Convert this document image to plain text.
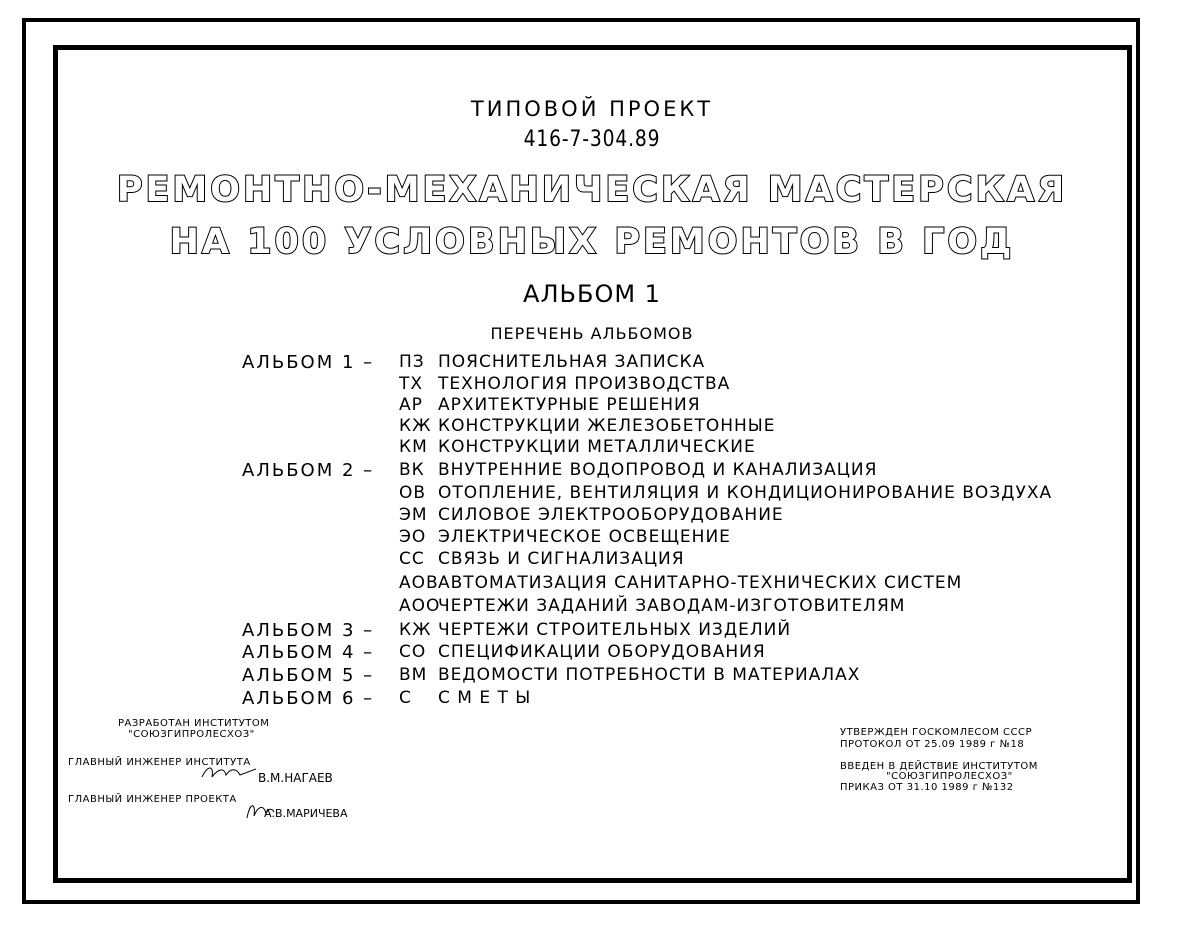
ТИПОВОЙ ПРОЕКТ
416-7-304.89
РЕМОНТНО-МЕХАНИЧЕСКАЯ МАСТЕРСКАЯ
НА 100 УСЛОВНЫХ РЕМОНТОВ В ГОД
АЛЬБОМ 1
ПЕРЕЧЕНЬ АЛЬБОМОВ
АЛЬБОМ 1 – ПЗ ПОЯСНИТЕЛЬНАЯ ЗАПИСКА
ТХ ТЕХНОЛОГИЯ ПРОИЗВОДСТВА
АР АРХИТЕКТУРНЫЕ РЕШЕНИЯ
КЖ КОНСТРУКЦИИ ЖЕЛЕЗОБЕТОННЫЕ
КМ КОНСТРУКЦИИ МЕТАЛЛИЧЕСКИЕ
АЛЬБОМ 2 – ВК ВНУТРЕННИЕ ВОДОПРОВОД И КАНАЛИЗАЦИЯ
ОВ ОТОПЛЕНИЕ, ВЕНТИЛЯЦИЯ И КОНДИЦИОНИРОВАНИЕ ВОЗДУХА
ЭМ СИЛОВОЕ ЭЛЕКТРООБОРУДОВАНИЕ
ЭО ЭЛЕКТРИЧЕСКОЕ ОСВЕЩЕНИЕ
СС СВЯЗЬ И СИГНАЛИЗАЦИЯ
АОВ АВТОМАТИЗАЦИЯ САНИТАРНО-ТЕХНИЧЕСКИХ СИСТЕМ
АОО
ЧЕРТЕЖИ ЗАДАНИЙ ЗАВОДАМ-ИЗГОТОВИТЕЛЯМ
АЛЬБОМ 3 – КЖ ЧЕРТЕЖИ СТРОИТЕЛЬНЫХ ИЗДЕЛИЙ
АЛЬБОМ 4 – СО СПЕЦИФИКАЦИИ ОБОРУДОВАНИЯ
АЛЬБОМ 5 – ВМ ВЕДОМОСТИ ПОТРЕБНОСТИ В МАТЕРИАЛАХ
АЛЬБОМ 6 – С С М Е Т Ы
РАЗРАБОТАН ИНСТИТУТОМ
"СОЮЗГИПРОЛЕСХОЗ"
ГЛАВНЫЙ ИНЖЕНЕР ИНСТИТУТА
В.М.НАГАЕВ
ГЛАВНЫЙ ИНЖЕНЕР ПРОЕКТА
А.В.МАРИЧЕВА
УТВЕРЖДЕН ГОСКОМЛЕСОМ СССР
ПРОТОКОЛ ОТ 25.09 1989 г №18
ВВЕДЕН В ДЕЙСТВИЕ ИНСТИТУТОМ
"СОЮЗГИПРОЛЕСХОЗ"
ПРИКАЗ ОТ 31.10 1989 г №132
